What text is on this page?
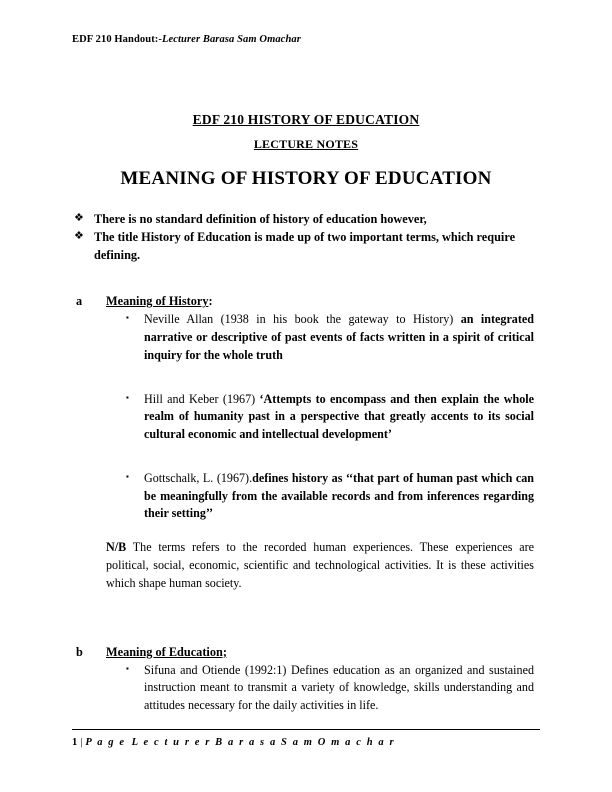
EDF 210 Handout:-Lecturer Barasa Sam Omachar
EDF 210 HISTORY OF EDUCATION
LECTURE NOTES
MEANING OF HISTORY OF EDUCATION
❖ There is no standard definition of history of education however,
❖ The title History of Education is made up of two important terms, which require defining.
a Meaning of History:
▪ Neville Allan (1938 in his book the gateway to History) an integrated narrative or descriptive of past events of facts written in a spirit of critical inquiry for the whole truth
▪ Hill and Keber (1967) ‘Attempts to encompass and then explain the whole realm of humanity past in a perspective that greatly accents to its social cultural economic and intellectual development’
▪ Gottschalk, L. (1967).defines history as ‘‘that part of human past which can be meaningfully from the available records and from inferences regarding their setting’’
N/B The terms refers to the recorded human experiences. These experiences are political, social, economic, scientific and technological activities. It is these activities which shape human society.
b Meaning of Education;
▪ Sifuna and Otiende (1992:1) Defines education as an organized and sustained instruction meant to transmit a variety of knowledge, skills understanding and attitudes necessary for the daily activities in life.
1 | P a g e L e c t u r e r B a r a s a S a m O m a c h a r
